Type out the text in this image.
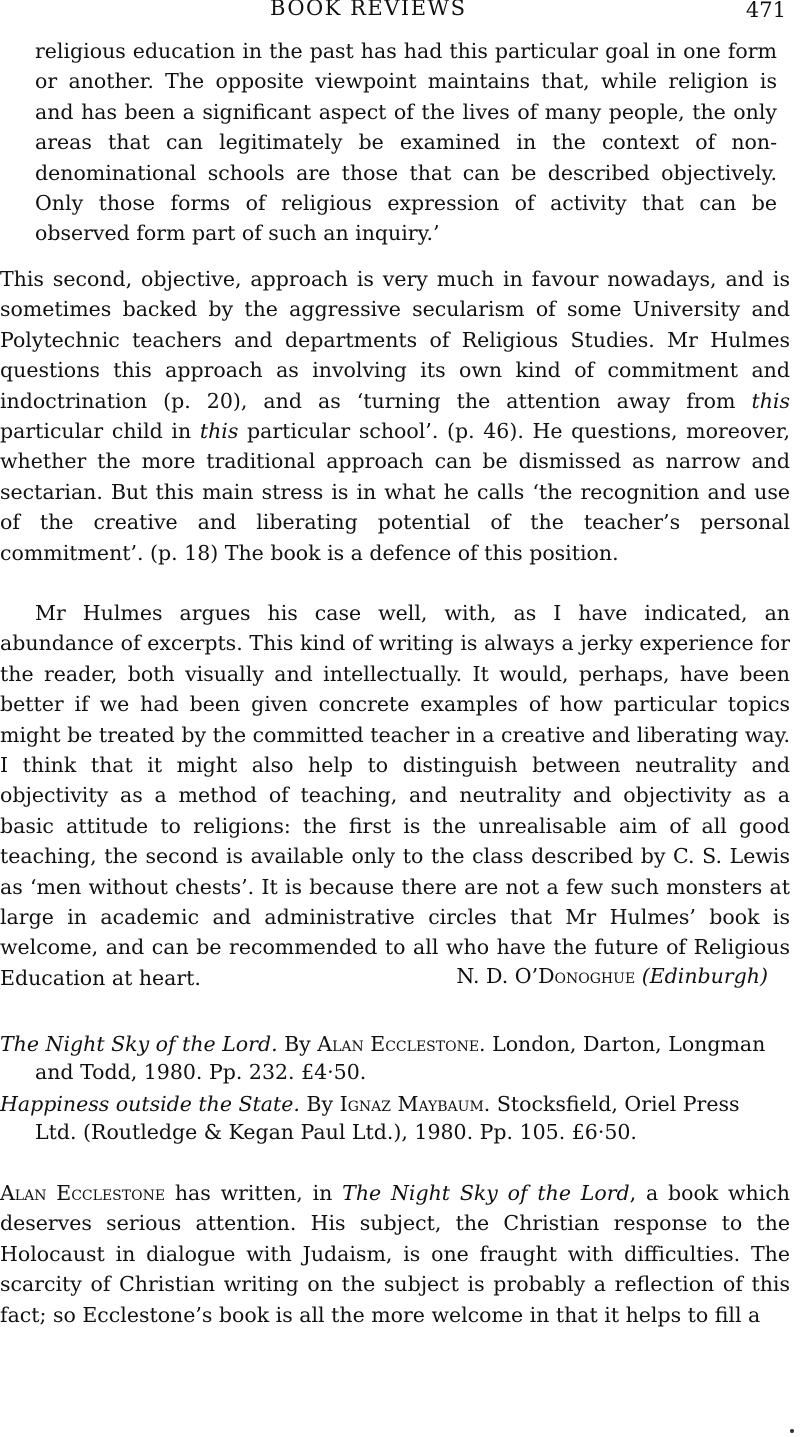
BOOK REVIEWS	471

religious education in the past has had this particular goal in one form or another. The opposite viewpoint maintains that, while religion is and has been a significant aspect of the lives of many people, the only areas that can legitimately be examined in the context of non-denominational schools are those that can be described objectively. Only those forms of religious expression of activity that can be observed form part of such an inquiry.’

This second, objective, approach is very much in favour nowadays, and is sometimes backed by the aggressive secularism of some University and Polytechnic teachers and departments of Religious Studies. Mr Hulmes questions this approach as involving its own kind of commitment and indoctrination (p. 20), and as ‘turning the attention away from this particular child in this particular school’. (p. 46). He questions, moreover, whether the more traditional approach can be dismissed as narrow and sectarian. But this main stress is in what he calls ‘the recognition and use of the creative and liberating potential of the teacher’s personal commitment’. (p. 18) The book is a defence of this position.

Mr Hulmes argues his case well, with, as I have indicated, an abundance of excerpts. This kind of writing is always a jerky experience for the reader, both visually and intellectually. It would, perhaps, have been better if we had been given concrete examples of how particular topics might be treated by the committed teacher in a creative and liberating way. I think that it might also help to distinguish between neutrality and objectivity as a method of teaching, and neutrality and objectivity as a basic attitude to religions: the first is the unrealisable aim of all good teaching, the second is available only to the class described by C. S. Lewis as ‘men without chests’. It is because there are not a few such monsters at large in academic and administrative circles that Mr Hulmes’ book is welcome, and can be recommended to all who have the future of Religious Education at heart.	N. D. O’Donoghue (Edinburgh)
The Night Sky of the Lord. By Alan Ecclestone. London, Darton, Longman and Todd, 1980. Pp. 232. £4·50.
Happiness outside the State. By Ignaz Maybaum. Stocksfield, Oriel Press Ltd. (Routledge & Kegan Paul Ltd.), 1980. Pp. 105. £6·50.

Alan Ecclestone has written, in The Night Sky of the Lord, a book which deserves serious attention. His subject, the Christian response to the Holocaust in dialogue with Judaism, is one fraught with difficulties. The scarcity of Christian writing on the subject is probably a reflection of this fact; so Ecclestone’s book is all the more welcome in that it helps to fill a
